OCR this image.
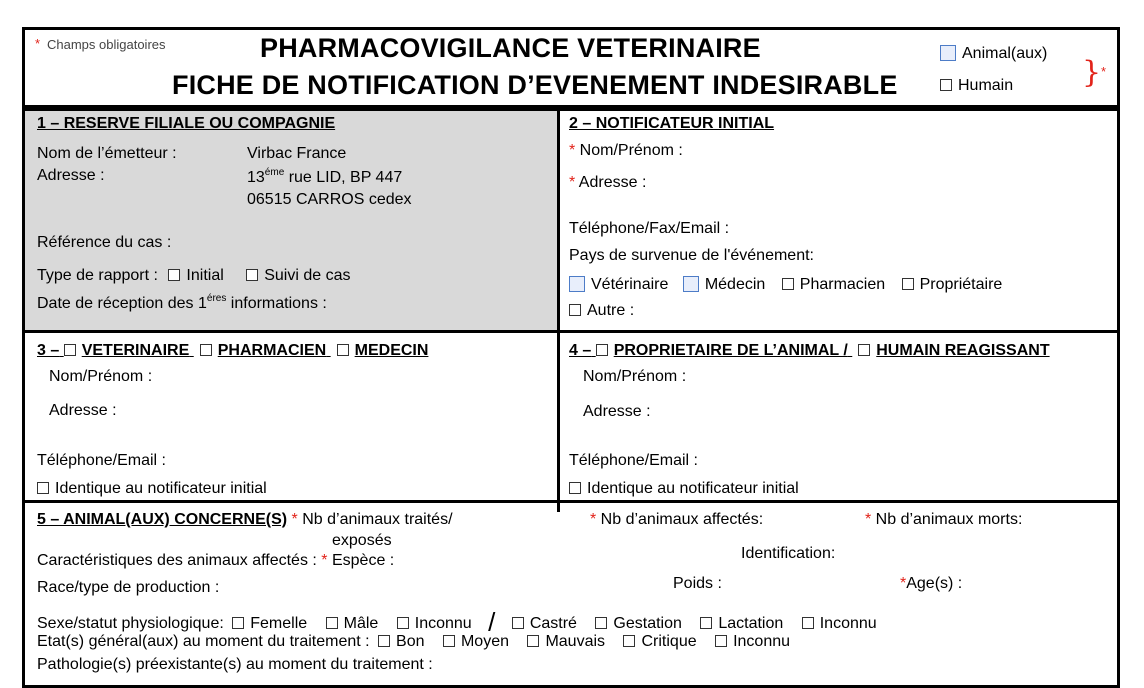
* Champs obligatoires	PHARMACOVIGILANCE VETERINAIRE
FICHE DE NOTIFICATION D’EVENEMENT INDESIRABLE
Animal(aux)
Humain } *
1 – RESERVE FILIALE OU COMPAGNIE
Nom de l’émetteur :	Virbac France
Adresse :	$13^{éme}$ rue LID, BP 447
06515 CARROS cedex
Référence du cas :
Type de rapport : Initial	Suivi de cas
Date de réception des $1^{éres}$ informations :
2 – NOTIFICATEUR INITIAL
* Nom/Prénom :
* Adresse :
Téléphone/Fax/Email :
Pays de survenue de l'événement:
Vétérinaire Médecin Pharmacien Propriétaire
Autre :
3 – VETERINAIRE PHARMACIEN MEDECIN
Nom/Prénom :
Adresse :
Téléphone/Email :
Identique au notificateur initial
4 – PROPRIETAIRE DE L’ANIMAL / HUMAIN REAGISSANT
Nom/Prénom :
Adresse :
Téléphone/Email :
Identique au notificateur initial
5 – ANIMAL(AUX) CONCERNE(S) * Nb d’animaux traités/
exposés
* Nb d’animaux affectés:	* Nb d’animaux morts:
Caractéristiques des animaux affectés : * Espèce :	Identification:
Race/type de production :	Poids :	*Age(s) :
Sexe/statut physiologique: Femelle Mâle Inconnu / Castré Gestation Lactation Inconnu
Etat(s) général(aux) au moment du traitement : Bon Moyen Mauvais Critique Inconnu
Pathologie(s) préexistante(s) au moment du traitement :
